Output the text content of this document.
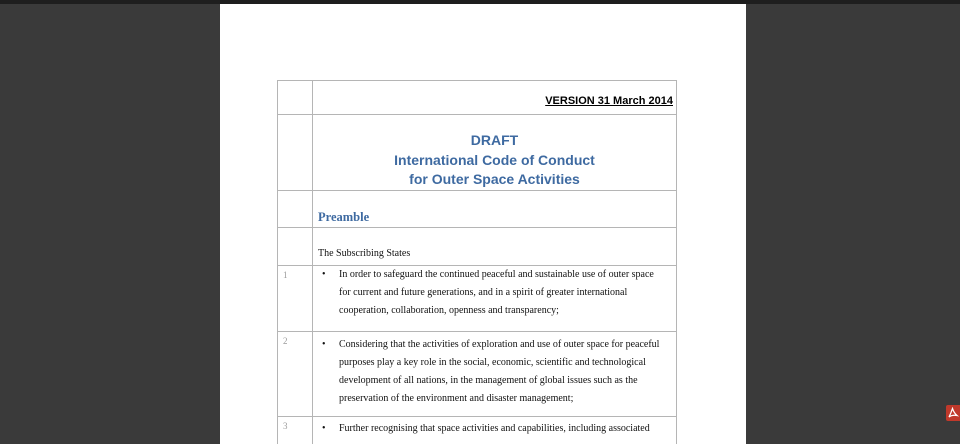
	VERSION 31 March 2014

	DRAFT
International Code of Conduct
for Outer Space Activities

	Preamble
	The Subscribing States

1	• In order to safeguard the continued peaceful and sustainable use of outer space
for current and future generations, and in a spirit of greater international
cooperation, collaboration, openness and transparency;

2	• Considering that the activities of exploration and use of outer space for peaceful
purposes play a key role in the social, economic, scientific and technological
development of all nations, in the management of global issues such as the
preservation of the environment and disaster management;

3	• Further recognising that space activities and capabilities, including associated
